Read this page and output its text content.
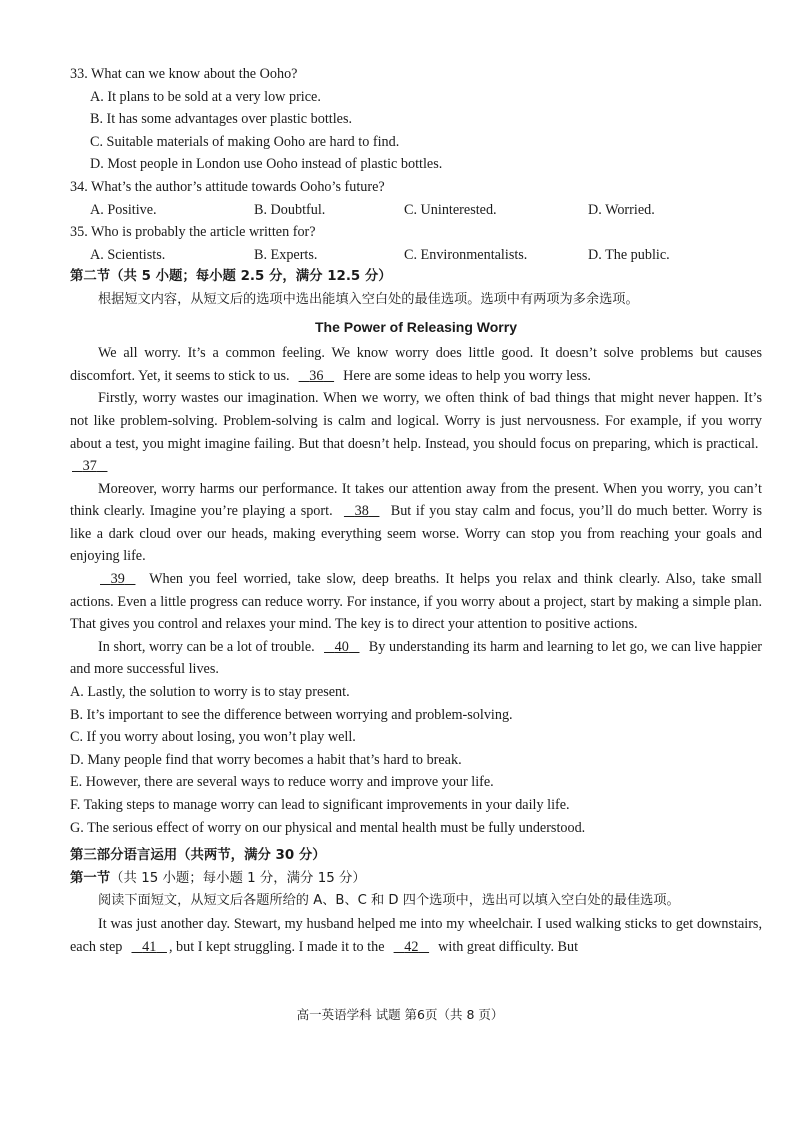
33. What can we know about the Ooho?

A. It plans to be sold at a very low price.

B. It has some advantages over plastic bottles.

C. Suitable materials of making Ooho are hard to find.

D. Most people in London use Ooho instead of plastic bottles.

34. What’s the author’s attitude towards Ooho’s future?

A. Positive.	B. Doubtful.	C. Uninterested.	D. Worried.

35. Who is probably the article written for?

A. Scientists.	B. Experts.	C. Environmentalists.	D. The public.

第二节（共 5 小题；每小题 2.5 分，满分 12.5 分）

根据短文内容，从短文后的选项中选出能填入空白处的最佳选项。选项中有两项为多余选项。

The Power of Releasing Worry

We all worry. It’s a common feeling. We know worry does little good. It doesn’t solve problems but causes discomfort. Yet, it seems to stick to us. 36 Here are some ideas to help you worry less.

Firstly, worry wastes our imagination. When we worry, we often think of bad things that might never happen. It’s not like problem-solving. Problem-solving is calm and logical. Worry is just nervousness. For example, if you worry about a test, you might imagine failing. But that doesn’t help. Instead, you should focus on preparing, which is practical.     37

Moreover, worry harms our performance. It takes our attention away from the present. When you worry, you can’t think clearly. Imagine you’re playing a sport. 38 But if you stay calm and focus, you’ll do much better. Worry is like a dark cloud over our heads, making everything seem worse. Worry can stop you from reaching your goals and enjoying life.

39 When you feel worried, take slow, deep breaths. It helps you relax and think clearly. Also, take small actions. Even a little progress can reduce worry. For instance, if you worry about a project, start by making a simple plan. That gives you control and relaxes your mind. The key is to direct your attention to positive actions.

In short, worry can be a lot of trouble. 40 By understanding its harm and learning to let go, we can live happier and more successful lives.

A. Lastly, the solution to worry is to stay present.

B. It’s important to see the difference between worrying and problem-solving.

C. If you worry about losing, you won’t play well.

D. Many people find that worry becomes a habit that’s hard to break.

E. However, there are several ways to reduce worry and improve your life.

F. Taking steps to manage worry can lead to significant improvements in your daily life.

G. The serious effect of worry on our physical and mental health must be fully understood.

第三部分语言运用（共两节，满分 30 分）

第一节（共 15 小题；每小题 1 分，满分 15 分）

阅读下面短文，从短文后各题所给的 A、B、C 和 D 四个选项中，选出可以填入空白处的最佳选项。

It was just another day. Stewart, my husband helped me into my wheelchair. I used walking sticks to get downstairs, each step 41 , but I kept struggling. I made it to the 42 with great difficulty. But

高一英语学科 试题 第6页（共 8 页）
